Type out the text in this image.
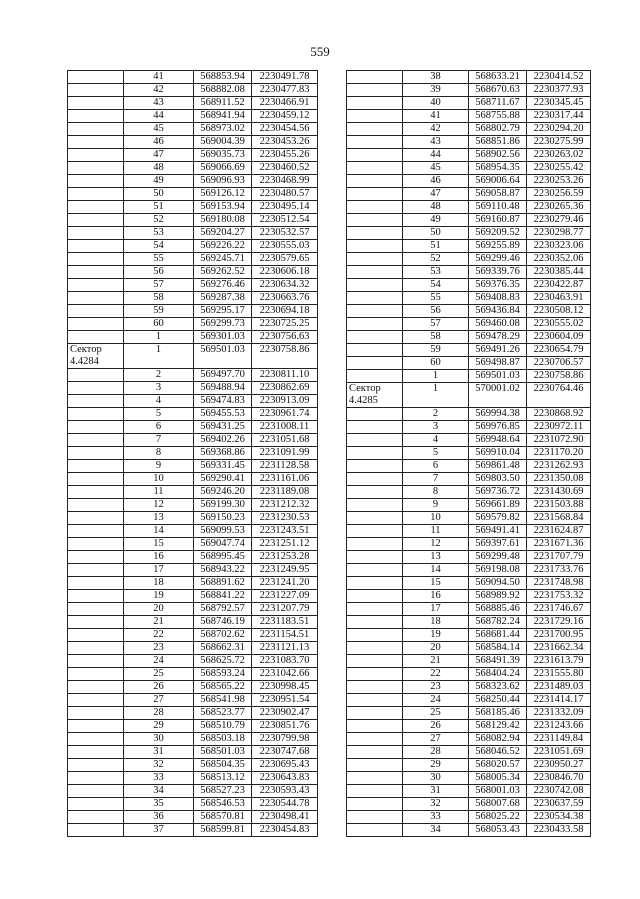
559
	41	568853.94	2230491.78
	42	568882.08	2230477.83
	43	568911.52	2230466.91
	44	568941.94	2230459.12
	45	568973.02	2230454.56
	46	569004.39	2230453.26
	47	569035.73	2230455.26
	48	569066.69	2230460.52
	49	569096.93	2230468.99
	50	569126.12	2230480.57
	51	569153.94	2230495.14
	52	569180.08	2230512.54
	53	569204.27	2230532.57
	54	569226.22	2230555.03
	55	569245.71	2230579.65
	56	569262.52	2230606.18
	57	569276.46	2230634.32
	58	569287.38	2230663.76
	59	569295.17	2230694.18
	60	569299.73	2230725.25
	1	569301.03	2230756.63

Сектор
4.4284	1	569501.03	2230758.86
	2	569497.70	2230811.10
	3	569488.94	2230862.69
	4	569474.83	2230913.09
	5	569455.53	2230961.74
	6	569431.25	2231008.11
	7	569402.26	2231051.68
	8	569368.86	2231091.99
	9	569331.45	2231128.58
	10	569290.41	2231161.06
	11	569246.20	2231189.08
	12	569199.30	2231212.32
	13	569150.23	2231230.53
	14	569099.53	2231243.51
	15	569047.74	2231251.12
	16	568995.45	2231253.28
	17	568943.22	2231249.95
	18	568891.62	2231241.20
	19	568841.22	2231227.09
	20	568792.57	2231207.79
	21	568746.19	2231183.51
	22	568702.62	2231154.51
	23	568662.31	2231121.13
	24	568625.72	2231083.70
	25	568593.24	2231042.66
	26	568565.22	2230998.45
	27	568541.98	2230951.54
	28	568523.77	2230902.47
	29	568510.79	2230851.76
	30	568503.18	2230799.98
	31	568501.03	2230747.68
	32	568504.35	2230695.43
	33	568513.12	2230643.83
	34	568527.23	2230593.43
	35	568546.53	2230544.78
	36	568570.81	2230498.41
	37	568599.81	2230454.83
	38	568633.21	2230414.52
	39	568670.63	2230377.93
	40	568711.67	2230345.45
	41	568755.88	2230317.44
	42	568802.79	2230294.20
	43	568851.86	2230275.99
	44	568902.56	2230263.02
	45	568954.35	2230255.42
	46	569006.64	2230253.26
	47	569058.87	2230256.59
	48	569110.48	2230265.36
	49	569160.87	2230279.46
	50	569209.52	2230298.77
	51	569255.89	2230323.06
	52	569299.46	2230352.06
	53	569339.76	2230385.44
	54	569376.35	2230422.87
	55	569408.83	2230463.91
	56	569436.84	2230508.12
	57	569460.08	2230555.02
	58	569478.29	2230604.09
	59	569491.26	2230654.79
	60	569498.87	2230706.57
	1	569501.03	2230758.86

Сектор
4.4285	1	570001.02	2230764.46
	2	569994.38	2230868.92
	3	569976.85	2230972.11
	4	569948.64	2231072.90
	5	569910.04	2231170.20
	6	569861.48	2231262.93
	7	569803.50	2231350.08
	8	569736.72	2231430.69
	9	569661.89	2231503.88
	10	569579.82	2231568.84
	11	569491.41	2231624.87
	12	569397.61	2231671.36
	13	569299.48	2231707.79
	14	569198.08	2231733.76
	15	569094.50	2231748.98
	16	568989.92	2231753.32
	17	568885.46	2231746.67
	18	568782.24	2231729.16
	19	568681.44	2231700.95
	20	568584.14	2231662.34
	21	568491.39	2231613.79
	22	568404.24	2231555.80
	23	568323.62	2231489.03
	24	568250.44	2231414.17
	25	568185.46	2231332.09
	26	568129.42	2231243.66
	27	568082.94	2231149.84
	28	568046.52	2231051.69
	29	568020.57	2230950.27
	30	568005.34	2230846.70
	31	568001.03	2230742.08
	32	568007.68	2230637.59
	33	568025.22	2230534.38
	34	568053.43	2230433.58
